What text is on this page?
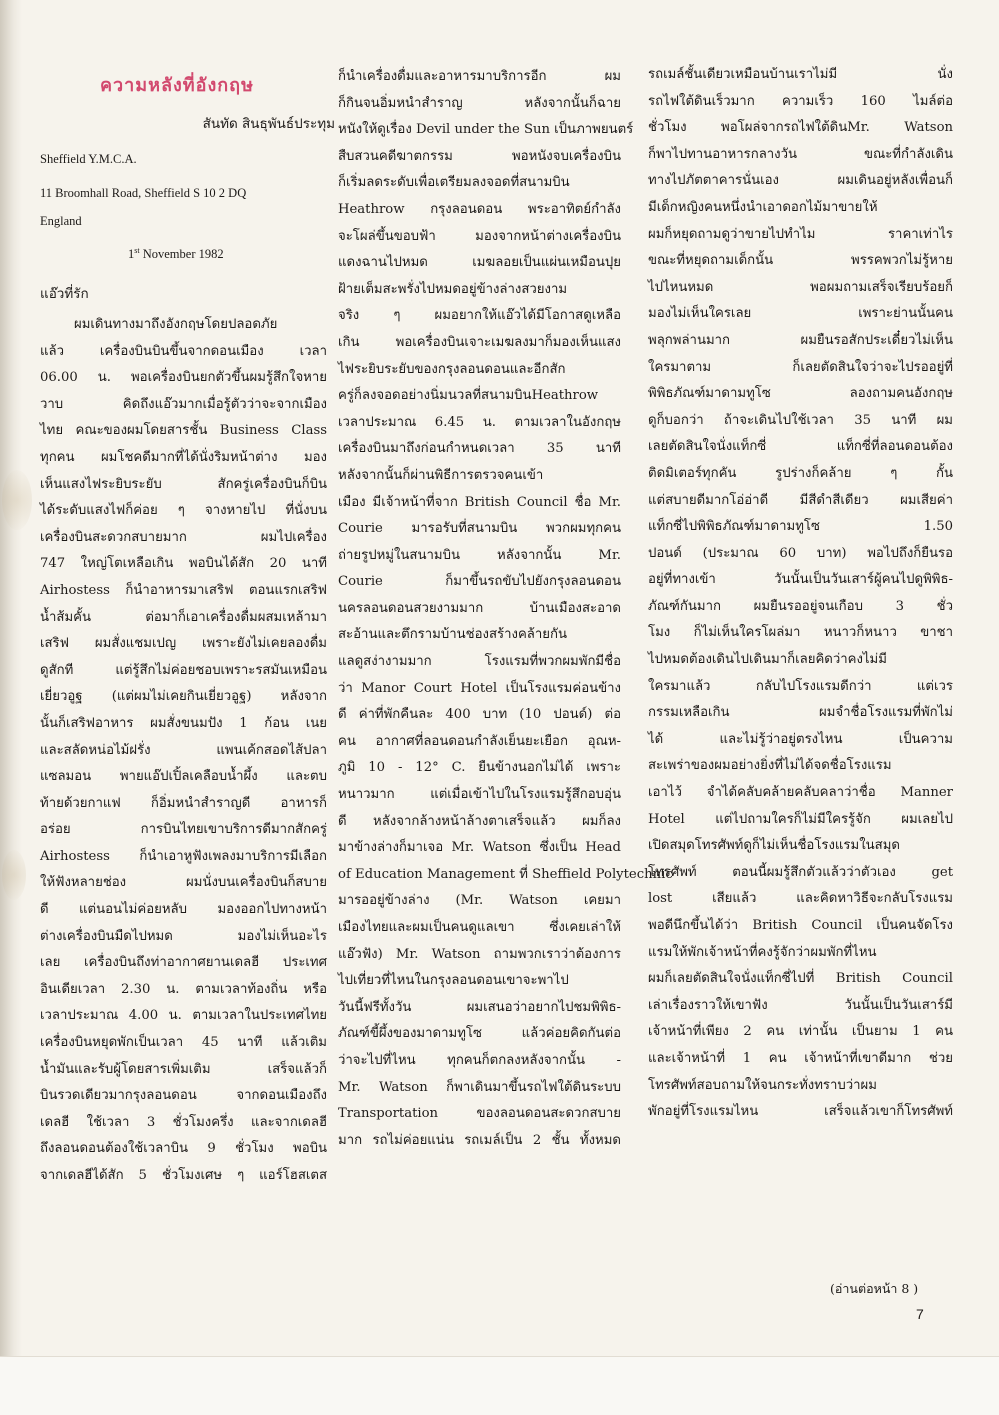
ความหลังที่อังกฤษ
สันทัด สินธุพันธ์ประทุม
Sheffield Y.M.C.A.
11 Broomhall Road, Sheffield S 10 2 DQ
England
1st November 1982
แอ๊วที่รัก
ผมเดินทางมาถึงอังกฤษโดยปลอดภัย
แล้ว เครื่องบินบินขึ้นจากดอนเมือง เวลา
06.00 น. พอเครื่องบินยกตัวขึ้นผมรู้สึกใจหาย
วาบ คิดถึงแอ๊วมากเมื่อรู้ตัวว่าจะจากเมือง
ไทย คณะของผมโดยสารชั้น Business Class
ทุกคน ผมโชคดีมากที่ได้นั่งริมหน้าต่าง มอง
เห็นแสงไฟระยิบระยับ สักครู่เครื่องบินก็บิน
ได้ระดับแสงไฟก็ค่อย ๆ จางหายไป ที่นั่งบน
เครื่องบินสะดวกสบายมาก ผมไปเครื่อง
747 ใหญ่โตเหลือเกิน พอบินได้สัก 20 นาที
Airhostess ก็นำอาหารมาเสริฟ ตอนแรกเสริฟ
น้ำส้มคั้น ต่อมาก็เอาเครื่องดื่มผสมเหล้ามา
เสริฟ ผมสั่งแชมเปญ เพราะยังไม่เคยลองดื่ม
ดูสักที แต่รู้สึกไม่ค่อยชอบเพราะรสมันเหมือน
เยี่ยวอูฐ (แต่ผมไม่เคยกินเยี่ยวอูฐ) หลังจาก
นั้นก็เสริฟอาหาร ผมสั่งขนมปัง 1 ก้อน เนย
และสลัดหน่อไม้ฝรั่ง แพนเค้กสอดไส้ปลา
แซลมอน พายแอ๊ปเปิ้ลเคลือบน้ำผึ้ง และตบ
ท้ายด้วยกาแฟ ก็อิ่มหนำสำราญดี อาหารก็
อร่อย การบินไทยเขาบริการดีมากสักครู่
Airhostess ก็นำเอาหูฟังเพลงมาบริการมีเลือก
ให้ฟังหลายช่อง ผมนั่งบนเครื่องบินก็สบาย
ดี แต่นอนไม่ค่อยหลับ มองออกไปทางหน้า
ต่างเครื่องบินมืดไปหมด มองไม่เห็นอะไร
เลย เครื่องบินถึงท่าอากาศยานเดลฮี ประเทศ
อินเดียเวลา 2.30 น. ตามเวลาท้องถิ่น หรือ
เวลาประมาณ 4.00 น. ตามเวลาในประเทศไทย
เครื่องบินหยุดพักเป็นเวลา 45 นาที แล้วเติม
น้ำมันและรับผู้โดยสารเพิ่มเติม เสร็จแล้วก็
บินรวดเดียวมากรุงลอนดอน จากดอนเมืองถึง
เดลฮี ใช้เวลา 3 ชั่วโมงครึ่ง และจากเดลฮี
ถึงลอนดอนต้องใช้เวลาบิน 9 ชั่วโมง พอบิน
จากเดลฮีได้สัก 5 ชั่วโมงเศษ ๆ แอร์โฮสเตส
ก็นำเครื่องดื่มและอาหารมาบริการอีก ผม
ก็กินจนอิ่มหนำสำราญ หลังจากนั้นก็ฉาย
หนังให้ดูเรื่อง Devil under the Sun เป็นภาพยนตร์
สืบสวนคดีฆาตกรรม พอหนังจบเครื่องบิน
ก็เริ่มลดระดับเพื่อเตรียมลงจอดที่สนามบิน
Heathrow กรุงลอนดอน พระอาทิตย์กำลัง
จะโผล่ขึ้นขอบฟ้า มองจากหน้าต่างเครื่องบิน
แดงฉานไปหมด เมฆลอยเป็นแผ่นเหมือนปุย
ฝ้ายเต็มสะพรั่งไปหมดอยู่ข้างล่างสวยงาม
จริง ๆ ผมอยากให้แอ๊วได้มีโอกาสดูเหลือ
เกิน พอเครื่องบินเจาะเมฆลงมาก็มองเห็นแสง
ไฟระยิบระยับของกรุงลอนดอนและอีกสัก
ครู่ก็ลงจอดอย่างนิ่มนวลที่สนามบินHeathrow
เวลาประมาณ 6.45 น. ตามเวลาในอังกฤษ
เครื่องบินมาถึงก่อนกำหนดเวลา 35 นาที
หลังจากนั้นก็ผ่านพิธีการตรวจคนเข้า
เมือง มีเจ้าหน้าที่จาก British Council ชื่อ Mr.
Courie มารอรับที่สนามบิน พวกผมทุกคน
ถ่ายรูปหมู่ในสนามบิน หลังจากนั้น Mr.
Courie ก็มาขึ้นรถขับไปยังกรุงลอนดอน
นครลอนดอนสวยงามมาก บ้านเมืองสะอาด
สะอ้านและตึกรามบ้านช่องสร้างคล้ายกัน
แลดูสง่างามมาก โรงแรมที่พวกผมพักมีชื่อ
ว่า Manor Court Hotel เป็นโรงแรมค่อนข้าง
ดี ค่าที่พักคืนละ 400 บาท (10 ปอนด์) ต่อ
คน อากาศที่ลอนดอนกำลังเย็นยะเยือก อุณห-
ภูมิ 10 - 12° C. ยืนข้างนอกไม่ได้ เพราะ
หนาวมาก แต่เมื่อเข้าไปในโรงแรมรู้สึกอบอุ่น
ดี หลังจากล้างหน้าล้างตาเสร็จแล้ว ผมก็ลง
มาข้างล่างก็มาเจอ Mr. Watson ซึ่งเป็น Head
of Education Management ที่ Sheffield Polytechnic
มารออยู่ข้างล่าง (Mr. Watson เคยมา
เมืองไทยและผมเป็นคนดูแลเขา ซึ่งเคยเล่าให้
แอ๊วฟัง) Mr. Watson ถามพวกเราว่าต้องการ
ไปเที่ยวที่ไหนในกรุงลอนดอนเขาจะพาไป
วันนี้ฟรีทั้งวัน ผมเสนอว่าอยากไปชมพิพิธ-
ภัณฑ์ขี้ผึ้งของมาดามทูโซ แล้วค่อยคิดกันต่อ
ว่าจะไปที่ไหน ทุกคนก็ตกลงหลังจากนั้น -
Mr. Watson ก็พาเดินมาขึ้นรถไฟใต้ดินระบบ
Transportation ของลอนดอนสะดวกสบาย
มาก รถไม่ค่อยแน่น รถเมล์เป็น 2 ชั้น ทั้งหมด
รถเมล์ชั้นเดียวเหมือนบ้านเราไม่มี นั่ง
รถไฟใต้ดินเร็วมาก ความเร็ว 160 ไมล์ต่อ
ชั่วโมง พอโผล่จากรถไฟใต้ดินMr. Watson
ก็พาไปทานอาหารกลางวัน ขณะที่กำลังเดิน
ทางไปภัตตาคารนั่นเอง ผมเดินอยู่หลังเพื่อนก็
มีเด็กหญิงคนหนึ่งนำเอาดอกไม้มาขายให้
ผมก็หยุดถามดูว่าขายไปทำไม ราคาเท่าไร
ขณะที่หยุดถามเด็กนั้น พรรคพวกไม่รู้หาย
ไปไหนหมด พอผมถามเสร็จเรียบร้อยก็
มองไม่เห็นใครเลย เพราะย่านนั้นคน
พลุกพล่านมาก ผมยืนรอสักประเดี๋ยวไม่เห็น
ใครมาตาม ก็เลยตัดสินใจว่าจะไปรออยู่ที่
พิพิธภัณฑ์มาดามทูโซ ลองถามคนอังกฤษ
ดูก็บอกว่า ถ้าจะเดินไปใช้เวลา 35 นาที ผม
เลยตัดสินใจนั่งแท็กซี่ แท็กซี่ที่ลอนดอนต้อง
ติดมิเตอร์ทุกคัน รูปร่างก็คล้าย ๆ กั้น
แต่สบายดีมากโอ่อ่าดี มีสีดำสีเดียว ผมเสียค่า
แท็กซี่ไปพิพิธภัณฑ์มาดามทูโซ 1.50
ปอนด์ (ประมาณ 60 บาท) พอไปถึงก็ยืนรอ
อยู่ที่ทางเข้า วันนั้นเป็นวันเสาร์ผู้คนไปดูพิพิธ-
ภัณฑ์กันมาก ผมยืนรออยู่จนเกือบ 3 ชั่ว
โมง ก็ไม่เห็นใครโผล่มา หนาวก็หนาว ขาชา
ไปหมดต้องเดินไปเดินมาก็เลยคิดว่าคงไม่มี
ใครมาแล้ว กลับไปโรงแรมดีกว่า แต่เวร
กรรมเหลือเกิน ผมจำชื่อโรงแรมที่พักไม่
ได้ และไม่รู้ว่าอยู่ตรงไหน เป็นความ
สะเพร่าของผมอย่างยิ่งที่ไม่ได้จดชื่อโรงแรม
เอาไว้ จำได้คลับคล้ายคลับคลาว่าชื่อ Manner
Hotel แต่ไปถามใครก็ไม่มีใครรู้จัก ผมเลยไป
เปิดสมุดโทรศัพท์ดูก็ไม่เห็นชื่อโรงแรมในสมุด
โทรศัพท์ ตอนนี้ผมรู้สึกตัวแล้วว่าตัวเอง get
lost เสียแล้ว และคิดหาวิธีจะกลับโรงแรม
พอดีนึกขึ้นได้ว่า British Council เป็นคนจัดโรง
แรมให้พักเจ้าหน้าที่คงรู้จักว่าผมพักที่ไหน
ผมก็เลยตัดสินใจนั่งแท็กซี่ไปที่ British Council
เล่าเรื่องราวให้เขาฟัง วันนั้นเป็นวันเสาร์มี
เจ้าหน้าที่เพียง 2 คน เท่านั้น เป็นยาม 1 คน
และเจ้าหน้าที่ 1 คน เจ้าหน้าที่เขาดีมาก ช่วย
โทรศัพท์สอบถามให้จนกระทั่งทราบว่าผม
พักอยู่ที่โรงแรมไหน เสร็จแล้วเขาก็โทรศัพท์
(อ่านต่อหน้า 8 )
7
